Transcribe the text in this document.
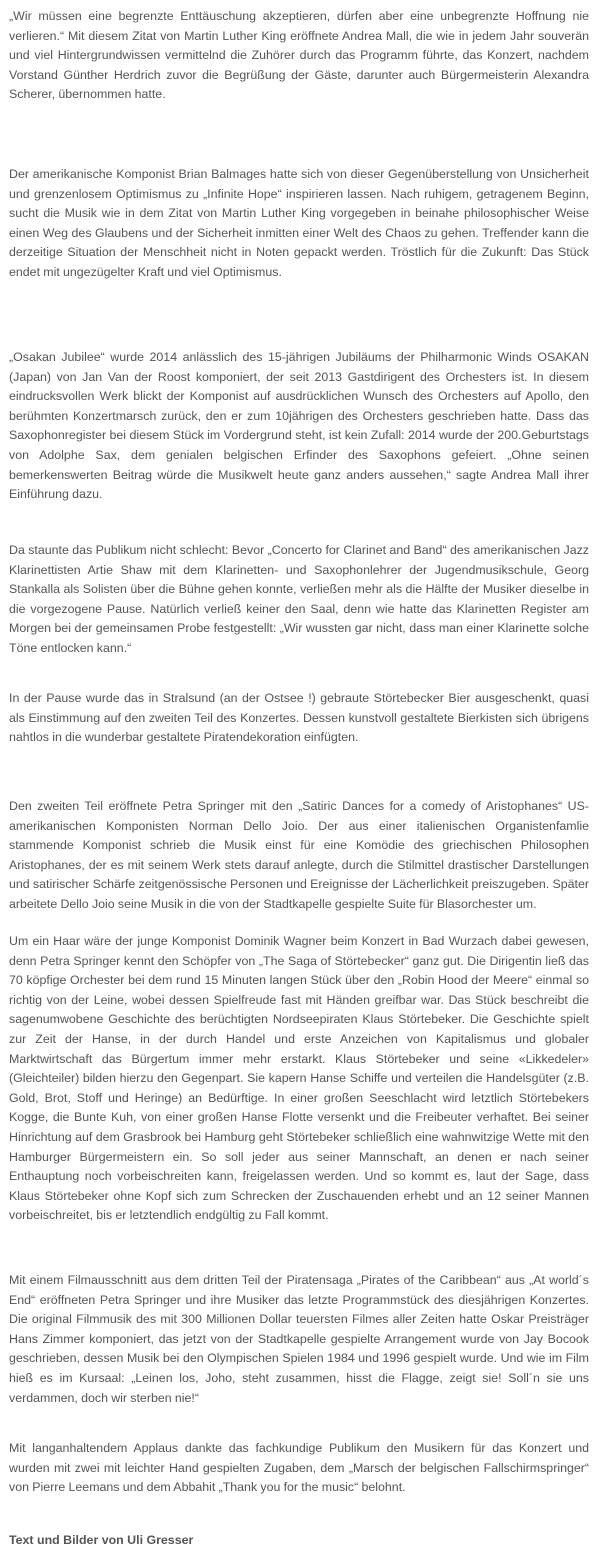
„Wir müssen eine begrenzte Enttäuschung akzeptieren, dürfen aber eine unbegrenzte Hoffnung nie verlieren.“ Mit diesem Zitat von Martin Luther King eröffnete Andrea Mall, die wie in jedem Jahr souverän und viel Hintergrundwissen vermittelnd die Zuhörer durch das Programm führte, das Konzert, nachdem Vorstand Günther Herdrich zuvor die Begrüßung der Gäste, darunter auch Bürgermeisterin Alexandra Scherer, übernommen hatte.

Der amerikanische Komponist Brian Balmages hatte sich von dieser Gegenüberstellung von Unsicherheit und grenzenlosem Optimismus zu „Infinite Hope“ inspirieren lassen. Nach ruhigem, getragenem Beginn, sucht die Musik wie in dem Zitat von Martin Luther King vorgegeben in beinahe philosophischer Weise einen Weg des Glaubens und der Sicherheit inmitten einer Welt des Chaos zu gehen. Treffender kann die derzeitige Situation der Menschheit nicht in Noten gepackt werden. Tröstlich für die Zukunft: Das Stück endet mit ungezügelter Kraft und viel Optimismus.

„Osakan Jubilee“ wurde 2014 anlässlich des 15-jährigen Jubiläums der Philharmonic Winds OSAKAN (Japan) von Jan Van der Roost komponiert, der seit 2013 Gastdirigent des Orchesters ist. In diesem eindrucksvollen Werk blickt der Komponist auf ausdrücklichen Wunsch des Orchesters auf Apollo, den berühmten Konzertmarsch zurück, den er zum 10jährigen des Orchesters geschrieben hatte. Dass das Saxophonregister bei diesem Stück im Vordergrund steht, ist kein Zufall: 2014 wurde der 200.Geburtstags von Adolphe Sax, dem genialen belgischen Erfinder des Saxophons gefeiert. „Ohne seinen bemerkenswerten Beitrag würde die Musikwelt heute ganz anders aussehen,“ sagte Andrea Mall ihrer Einführung dazu.

Da staunte das Publikum nicht schlecht: Bevor „Concerto for Clarinet and Band“ des amerikanischen Jazz Klarinettisten Artie Shaw mit dem Klarinetten- und Saxophonlehrer der Jugendmusikschule, Georg Stankalla als Solisten über die Bühne gehen konnte, verließen mehr als die Hälfte der Musiker dieselbe in die vorgezogene Pause. Natürlich verließ keiner den Saal, denn wie hatte das Klarinetten Register am Morgen bei der gemeinsamen Probe festgestellt: „Wir wussten gar nicht, dass man einer Klarinette solche Töne entlocken kann.“

In der Pause wurde das in Stralsund (an der Ostsee !) gebraute Störtebecker Bier ausgeschenkt, quasi als Einstimmung auf den zweiten Teil des Konzertes. Dessen kunstvoll gestaltete Bierkisten sich übrigens nahtlos in die wunderbar gestaltete Piratendekoration einfügten.

Den zweiten Teil eröffnete Petra Springer mit den „Satiric Dances for a comedy of Aristophanes“ US-amerikanischen Komponisten Norman Dello Joio. Der aus einer italienischen Organistenfamlie stammende Komponist schrieb die Musik einst für eine Komödie des griechischen Philosophen Aristophanes, der es mit seinem Werk stets darauf anlegte, durch die Stilmittel drastischer Darstellungen und satirischer Schärfe zeitgenössische Personen und Ereignisse der Lächerlichkeit preiszugeben. Später arbeitete Dello Joio seine Musik in die von der Stadtkapelle gespielte Suite für Blasorchester um.

Um ein Haar wäre der junge Komponist Dominik Wagner beim Konzert in Bad Wurzach dabei gewesen, denn Petra Springer kennt den Schöpfer von „The Saga of Störtebecker“ ganz gut. Die Dirigentin ließ das 70 köpfige Orchester bei dem rund 15 Minuten langen Stück über den „Robin Hood der Meere“ einmal so richtig von der Leine, wobei dessen Spielfreude fast mit Händen greifbar war. Das Stück beschreibt die sagenumwobene Geschichte des berüchtigten Nordseepiraten Klaus Störtebeker. Die Geschichte spielt zur Zeit der Hanse, in der durch Handel und erste Anzeichen von Kapitalismus und globaler Marktwirtschaft das Bürgertum immer mehr erstarkt. Klaus Störtebeker und seine «Likkedeler» (Gleichteiler) bilden hierzu den Gegenpart. Sie kapern Hanse Schiffe und verteilen die Handelsgüter (z.B. Gold, Brot, Stoff und Heringe) an Bedürftige. In einer großen Seeschlacht wird letztlich Störtebekers Kogge, die Bunte Kuh, von einer großen Hanse Flotte versenkt und die Freibeuter verhaftet. Bei seiner Hinrichtung auf dem Grasbrook bei Hamburg geht Störtebeker schließlich eine wahnwitzige Wette mit den Hamburger Bürgermeistern ein. So soll jeder aus seiner Mannschaft, an denen er nach seiner Enthauptung noch vorbeischreiten kann, freigelassen werden. Und so kommt es, laut der Sage, dass Klaus Störtebeker ohne Kopf sich zum Schrecken der Zuschauenden erhebt und an 12 seiner Mannen vorbeischreitet, bis er letztendlich endgültig zu Fall kommt.

Mit einem Filmausschnitt aus dem dritten Teil der Piratensaga „Pirates of the Caribbean“ aus „At world´s End“ eröffneten Petra Springer und ihre Musiker das letzte Programmstück des diesjährigen Konzertes. Die original Filmmusik des mit 300 Millionen Dollar teuersten Filmes aller Zeiten hatte Oskar Preisträger Hans Zimmer komponiert, das jetzt von der Stadtkapelle gespielte Arrangement wurde von Jay Bocook geschrieben, dessen Musik bei den Olympischen Spielen 1984 und 1996 gespielt wurde. Und wie im Film hieß es im Kursaal: „Leinen los, Joho, steht zusammen, hisst die Flagge, zeigt sie! Soll´n sie uns verdammen, doch wir sterben nie!“

Mit langanhaltendem Applaus dankte das fachkundige Publikum den Musikern für das Konzert und wurden mit zwei mit leichter Hand gespielten Zugaben, dem „Marsch der belgischen Fallschirmspringer“ von Pierre Leemans und dem Abbahit „Thank you for the music“ belohnt.

Text und Bilder von Uli Gresser
